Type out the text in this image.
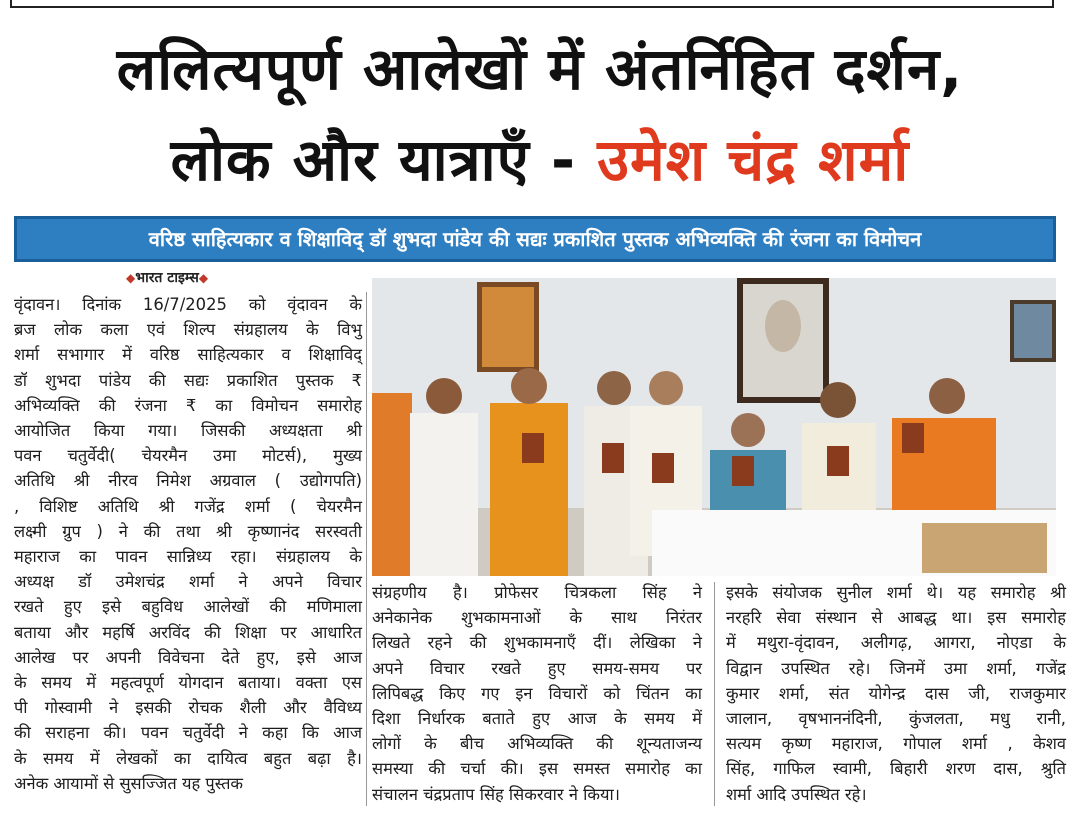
ललित्यपूर्ण आलेखों में अंतर्निहित दर्शन,
लोक और यात्राएँ - उमेश चंद्र शर्मा
वरिष्ठ साहित्यकार व शिक्षाविद् डॉ शुभदा पांडेय की सद्यः प्रकाशित पुस्तक अभिव्यक्ति की रंजना का विमोचन
◆भारत टाइम्स◆
वृंदावन। दिनांक 16/7/2025 को वृंदावन के
ब्रज लोक कला एवं शिल्प संग्रहालय के विभु
शर्मा सभागार में वरिष्ठ साहित्यकार व शिक्षाविद्
डॉ शुभदा पांडेय की सद्यः प्रकाशित पुस्तक ₹
अभिव्यक्ति की रंजना ₹ का विमोचन समारोह
आयोजित किया गया। जिसकी अध्यक्षता श्री
पवन चतुर्वेदी( चेयरमैन उमा मोटर्स), मुख्य
अतिथि श्री नीरव निमेश अग्रवाल ( उद्योगपति)
, विशिष्ट अतिथि श्री गजेंद्र शर्मा ( चेयरमैन
लक्ष्मी ग्रुप ) ने की तथा श्री कृष्णानंद सरस्वती
महाराज का पावन सान्निध्य रहा। संग्रहालय के
अध्यक्ष डॉ उमेशचंद्र शर्मा ने अपने विचार
रखते हुए इसे बहुविध आलेखों की मणिमाला
बताया और महर्षि अरविंद की शिक्षा पर आधारित
आलेख पर अपनी विवेचना देते हुए, इसे आज
के समय में महत्वपूर्ण योगदान बताया। वक्ता एस
पी गोस्वामी ने इसकी रोचक शैली और वैविध्य
की सराहना की। पवन चतुर्वेदी ने कहा कि आज
के समय में लेखकों का दायित्व बहुत बढ़ा है।
अनेक आयामों से सुसज्जित यह पुस्तक
संग्रहणीय है। प्रोफेसर चित्रकला सिंह ने
अनेकानेक शुभकामनाओं के साथ निरंतर
लिखते रहने की शुभकामनाएँ दीं। लेखिका ने
अपने विचार रखते हुए समय-समय पर
लिपिबद्ध किए गए इन विचारों को चिंतन का
दिशा निर्धारक बताते हुए आज के समय में
लोगों के बीच अभिव्यक्ति की शून्यताजन्य
समस्या की चर्चा की। इस समस्त समारोह का
संचालन चंद्रप्रताप सिंह सिकरवार ने किया।
इसके संयोजक सुनील शर्मा थे। यह समारोह श्री
नरहरि सेवा संस्थान से आबद्ध था। इस समारोह
में मथुरा-वृंदावन, अलीगढ़, आगरा, नोएडा के
विद्वान उपस्थित रहे। जिनमें उमा शर्मा, गजेंद्र
कुमार शर्मा, संत योगेन्द्र दास जी, राजकुमार
जालान, वृषभाननंदिनी, कुंजलता, मधु रानी,
सत्यम कृष्ण महाराज, गोपाल शर्मा , केशव
सिंह, गाफिल स्वामी, बिहारी शरण दास, श्रुति
शर्मा आदि उपस्थित रहे।
